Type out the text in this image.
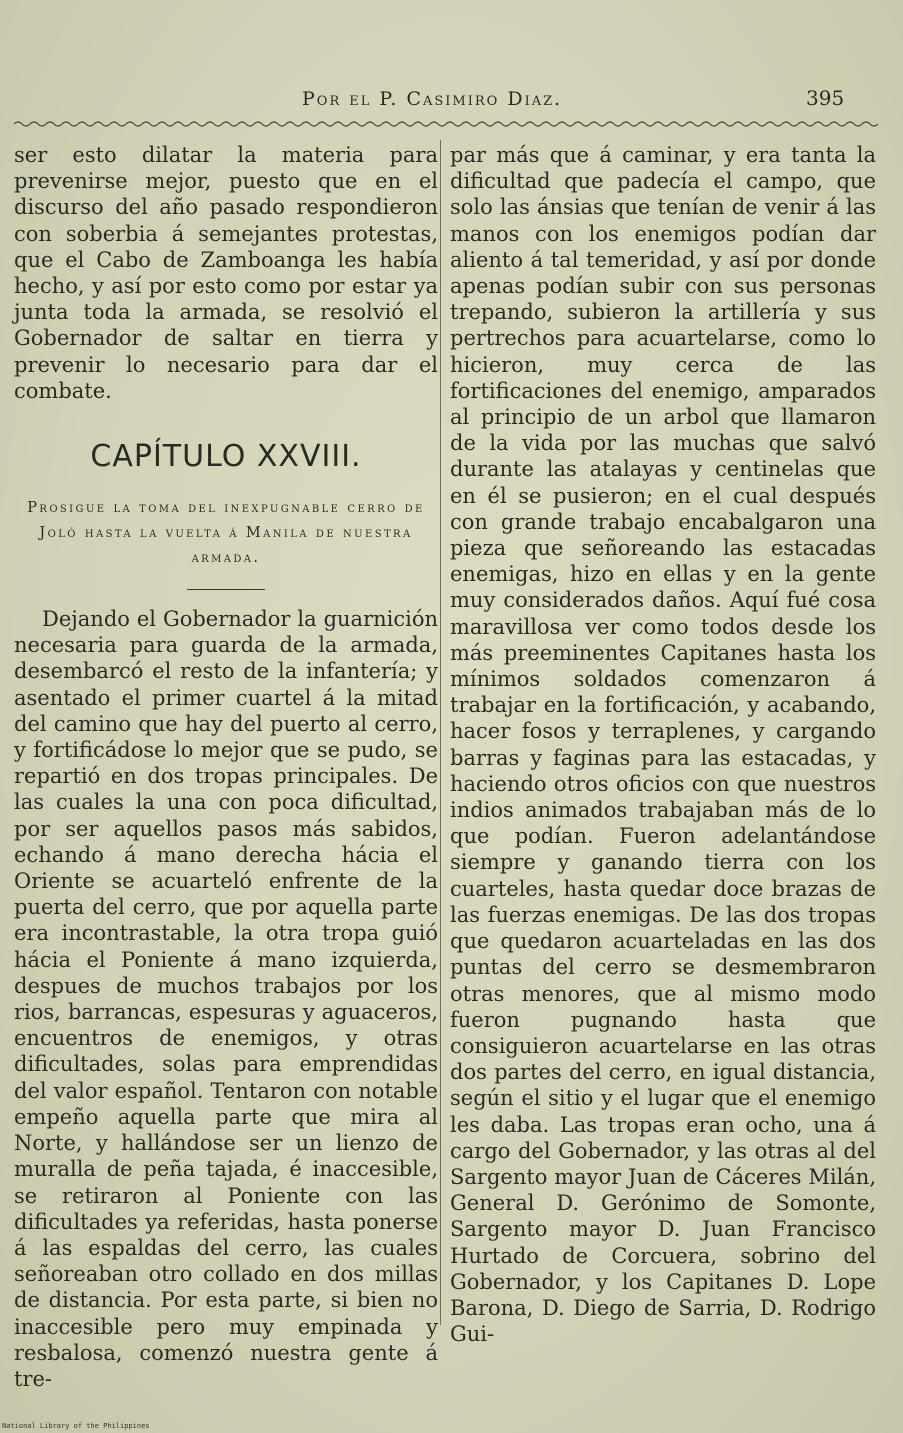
Por el P. Casimiro Diaz.	395

ser esto dilatar la materia para prevenirse mejor, puesto que en el discurso del año pasado respondieron con soberbia á semejantes protestas, que el Cabo de Zamboanga les había hecho, y así por esto como por estar ya junta toda la armada, se resolvió el Gobernador de saltar en tierra y prevenir lo necesario para dar el combate.

CAPÍTULO XXVIII.

Prosigue la toma del inexpugnable cerro de Joló hasta la vuelta á Manila de nuestra armada.

Dejando el Gobernador la guarnición necesaria para guarda de la armada, desembarcó el resto de la infantería; y asentado el primer cuartel á la mitad del camino que hay del puerto al cerro, y fortificádose lo mejor que se pudo, se repartió en dos tropas principales. De las cuales la una con poca dificultad, por ser aquellos pasos más sabidos, echando á mano derecha hácia el Oriente se acuarteló enfrente de la puerta del cerro, que por aquella parte era incontrastable, la otra tropa guió hácia el Poniente á mano izquierda, despues de muchos trabajos por los rios, barrancas, espesuras y aguaceros, encuentros de enemigos, y otras dificultades, solas para emprendidas del valor español. Tentaron con notable empeño aquella parte que mira al Norte, y hallándose ser un lienzo de muralla de peña tajada, é inaccesible, se retiraron al Poniente con las dificultades ya referidas, hasta ponerse á las espaldas del cerro, las cuales señoreaban otro collado en dos millas de distancia. Por esta parte, si bien no inaccesible pero muy empinada y resbalosa, comenzó nuestra gente á tre-

par más que á caminar, y era tanta la dificultad que padecía el campo, que solo las ánsias que tenían de venir á las manos con los enemigos podían dar aliento á tal temeridad, y así por donde apenas podían subir con sus personas trepando, subieron la artillería y sus pertrechos para acuartelarse, como lo hicieron, muy cerca de las fortificaciones del enemigo, amparados al principio de un arbol que llamaron de la vida por las muchas que salvó durante las atalayas y centinelas que en él se pusieron; en el cual después con grande trabajo encabalgaron una pieza que señoreando las estacadas enemigas, hizo en ellas y en la gente muy considerados daños. Aquí fué cosa maravillosa ver como todos desde los más preeminentes Capitanes hasta los mínimos soldados comenzaron á trabajar en la fortificación, y acabando, hacer fosos y terraplenes, y cargando barras y faginas para las estacadas, y haciendo otros oficios con que nuestros indios animados trabajaban más de lo que podían. Fueron adelantándose siempre y ganando tierra con los cuarteles, hasta quedar doce brazas de las fuerzas enemigas. De las dos tropas que quedaron acuarteladas en las dos puntas del cerro se desmembraron otras menores, que al mismo modo fueron pugnando hasta que consiguieron acuartelarse en las otras dos partes del cerro, en igual distancia, según el sitio y el lugar que el enemigo les daba. Las tropas eran ocho, una á cargo del Gobernador, y las otras al del Sargento mayor Juan de Cáceres Milán, General D. Gerónimo de Somonte, Sargento mayor D. Juan Francisco Hurtado de Corcuera, sobrino del Gobernador, y los Capitanes D. Lope Barona, D. Diego de Sarria, D. Rodrigo Gui-

National Library of the Philippines
